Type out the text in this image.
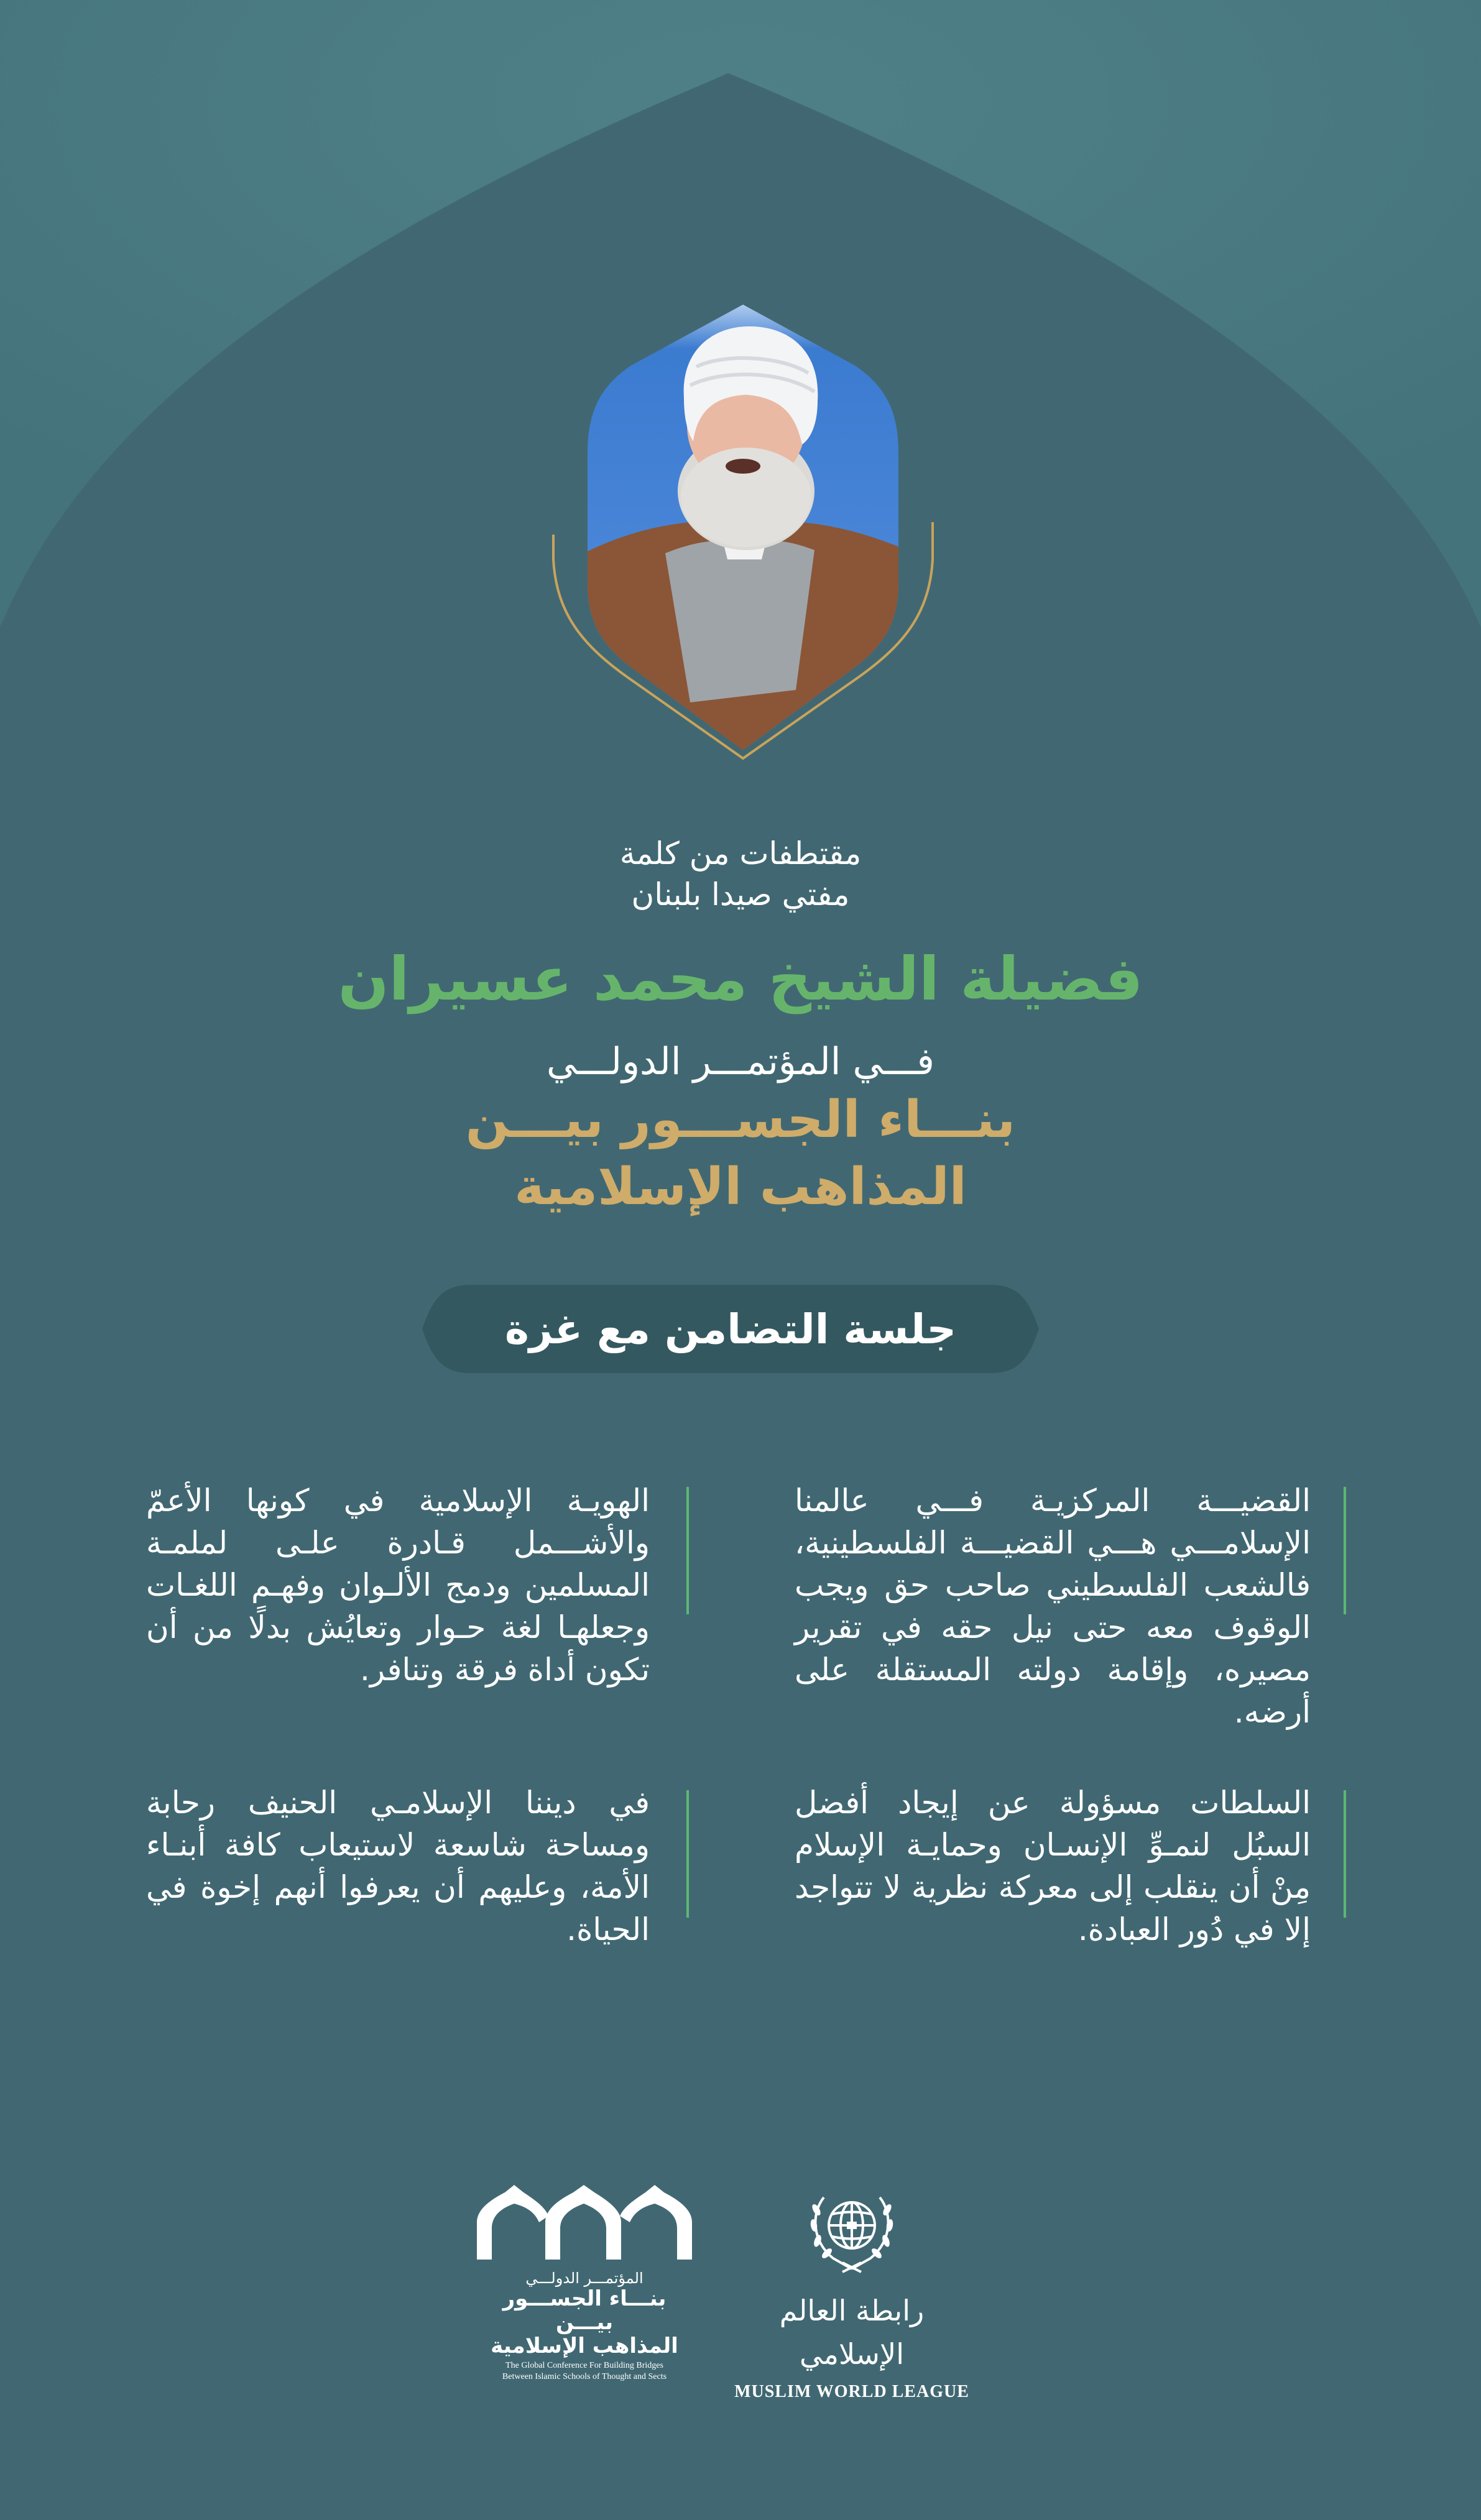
مقتطفات من كلمة
مفتي صيدا بلبنان
فضيلة الشيخ محمد عسيران
فـــي المؤتمـــر الدولـــي
بنـــاء الجســـور بيـــن
المذاهب الإسلامية
جلسة التضامن مع غزة
القضيـــة المركزيـة فـــي عالمنا الإسلامـــي هـــي القضيـــة الفلسطينية، فالشعب الفلسطيني صاحب حق ويجب الوقوف معه حتى نيل حقه في تقرير مصيره، وإقامة دولته المستقلة على أرضه.
الهويـة الإسلامية في كونها الأعمّ والأشـــمل قـادرة علـى لملمـة المسلمين ودمج الألـوان وفهـم اللغـات وجعلهـا لغة حـوار وتعايُش بدلًا من أن تكون أداة فرقة وتنافر.
السلطات مسؤولة عن إيجاد أفضل السبُل لنمـوِّ الإنسـان وحمايـة الإسلام مِنْ أن ينقلب إلى معركة نظرية لا تتواجد إلا في دُور العبادة.
في ديننا الإسلامـي الحنيف رحابة ومساحة شاسعة لاستيعاب كافة أبنـاء الأمة، وعليهم أن يعرفوا أنهم إخوة في الحياة.
المؤتمـــر الدولـــي
بنـــاء الجســـور بيـــن
المذاهب الإسلامية
The Global Conference For Building Bridges
Between Islamic Schools of Thought and Sects
رابطة العالم الإسلامي
MUSLIM WORLD LEAGUE
